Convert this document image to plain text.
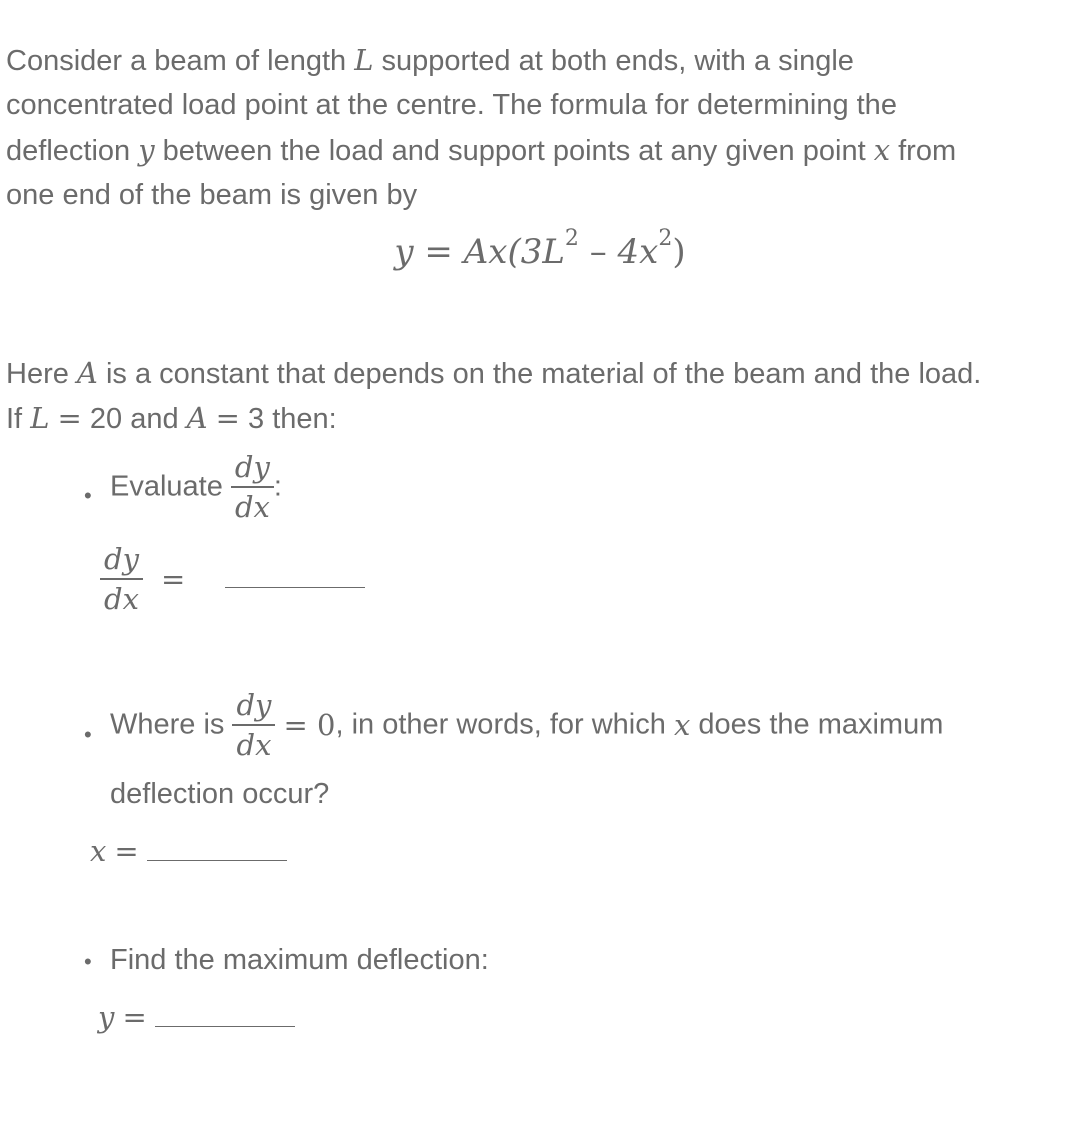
Consider a beam of length L supported at both ends, with a single

concentrated load point at the centre. The formula for determining the

deflection y between the load and support points at any given point x from

one end of the beam is given by

$y = Ax(3L^2 - 4x^2)$

Here A is a constant that depends on the material of the beam and the load.

If L = 20 and A = 3 then:

• Evaluate $\frac{dy}{dx}$ :
$\frac{dy}{dx}$ =
• Where is $\frac{dy}{dx} = 0$, in other words, for which x does the maximum
deflection occur?
x =
• Find the maximum deflection:
y =
